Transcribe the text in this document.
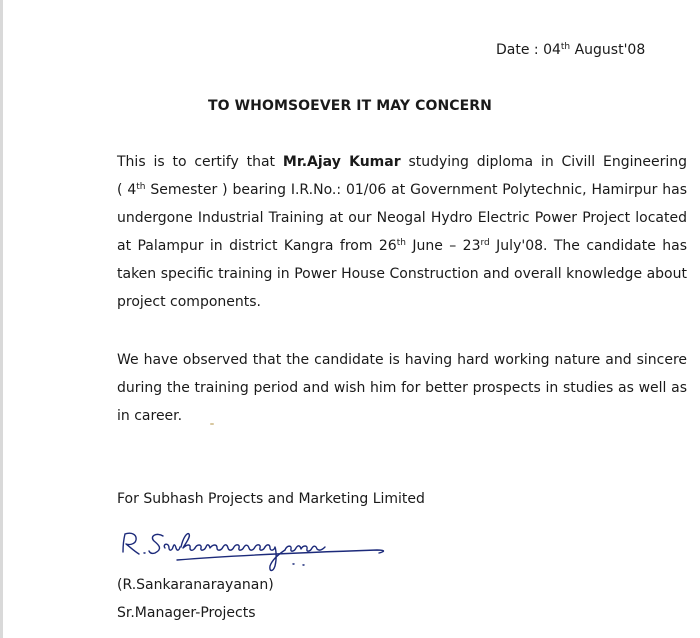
Date : 04th August'08
TO WHOMSOEVER IT MAY CONCERN
This is to certify that Mr.Ajay Kumar studying diploma in Civill Engineering
( 4th Semester ) bearing I.R.No.: 01/06 at Government Polytechnic, Hamirpur has
undergone Industrial Training at our Neogal Hydro Electric Power Project located
at Palampur in district Kangra from 26th June – 23rd July'08. The candidate has
taken specific training in Power House Construction and overall knowledge about
project components.
We have observed that the candidate is having hard working nature and sincere
during the training period and wish him for better prospects in studies as well as
in career.
For Subhash Projects and Marketing Limited
(R.Sankaranarayanan)
Sr.Manager-Projects
